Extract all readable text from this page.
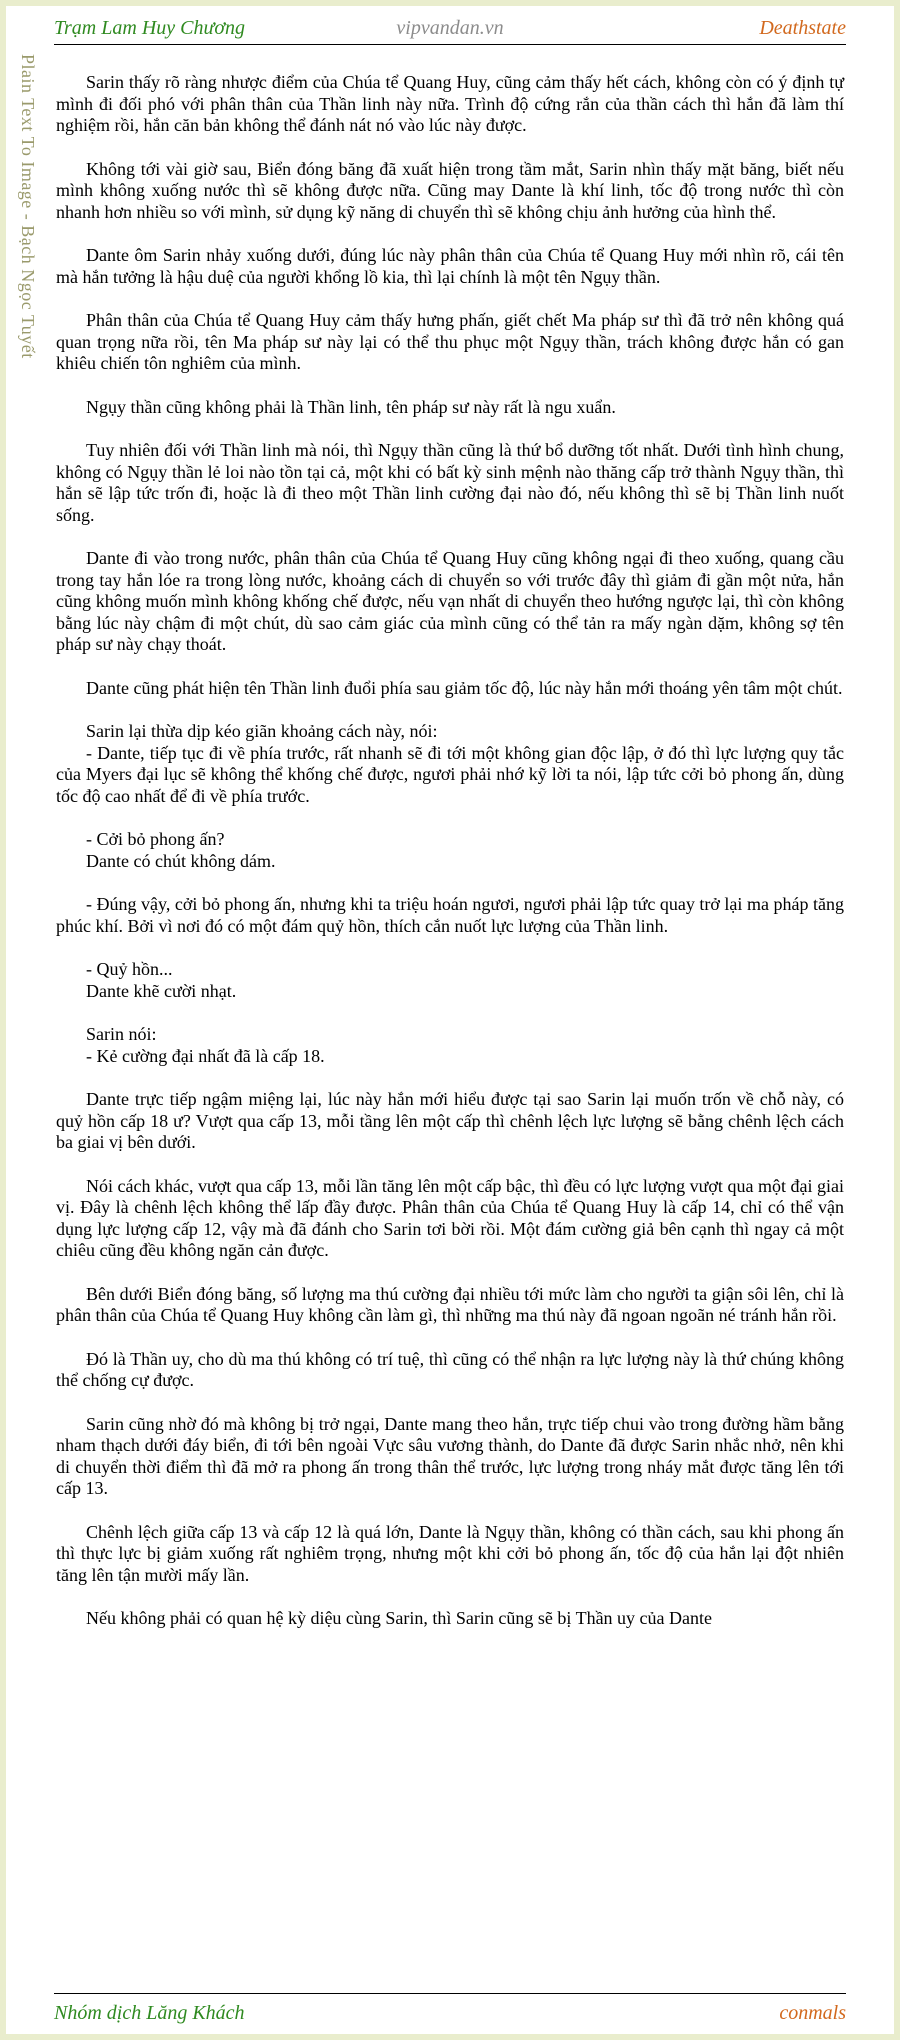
Trạm Lam Huy Chương	vipvandan.vn	Deathstate
Plain Text To Image - Bạch Ngọc Tuyết	Sarin thấy rõ ràng nhược điểm của Chúa tể Quang Huy, cũng cảm thấy hết cách, không còn có ý định tự mình đi đối phó với phân thân của Thần linh này nữa. Trình độ cứng rắn của thần cách thì hắn đã làm thí nghiệm rồi, hắn căn bản không thể đánh nát nó vào lúc này được.

Không tới vài giờ sau, Biển đóng băng đã xuất hiện trong tầm mắt, Sarin nhìn thấy mặt băng, biết nếu mình không xuống nước thì sẽ không được nữa. Cũng may Dante là khí linh, tốc độ trong nước thì còn nhanh hơn nhiều so với mình, sử dụng kỹ năng di chuyển thì sẽ không chịu ảnh hưởng của hình thể.

Dante ôm Sarin nhảy xuống dưới, đúng lúc này phân thân của Chúa tể Quang Huy mới nhìn rõ, cái tên mà hắn tưởng là hậu duệ của người khổng lồ kia, thì lại chính là một tên Ngụy thần.

Phân thân của Chúa tể Quang Huy cảm thấy hưng phấn, giết chết Ma pháp sư thì đã trở nên không quá quan trọng nữa rồi, tên Ma pháp sư này lại có thể thu phục một Ngụy thần, trách không được hắn có gan khiêu chiến tôn nghiêm của mình.

Ngụy thần cũng không phải là Thần linh, tên pháp sư này rất là ngu xuẩn.

Tuy nhiên đối với Thần linh mà nói, thì Ngụy thần cũng là thứ bổ dưỡng tốt nhất. Dưới tình hình chung, không có Ngụy thần lẻ loi nào tồn tại cả, một khi có bất kỳ sinh mệnh nào thăng cấp trở thành Ngụy thần, thì hắn sẽ lập tức trốn đi, hoặc là đi theo một Thần linh cường đại nào đó, nếu không thì sẽ bị Thần linh nuốt sống.

Dante đi vào trong nước, phân thân của Chúa tể Quang Huy cũng không ngại đi theo xuống, quang cầu trong tay hắn lóe ra trong lòng nước, khoảng cách di chuyển so với trước đây thì giảm đi gần một nửa, hắn cũng không muốn mình không khống chế được, nếu vạn nhất di chuyển theo hướng ngược lại, thì còn không bằng lúc này chậm đi một chút, dù sao cảm giác của mình cũng có thể tản ra mấy ngàn dặm, không sợ tên pháp sư này chạy thoát.

Dante cũng phát hiện tên Thần linh đuổi phía sau giảm tốc độ, lúc này hắn mới thoáng yên tâm một chút.

Sarin lại thừa dịp kéo giãn khoảng cách này, nói:
- Dante, tiếp tục đi về phía trước, rất nhanh sẽ đi tới một không gian độc lập, ở đó thì lực lượng quy tắc của Myers đại lục sẽ không thể khống chế được, ngươi phải nhớ kỹ lời ta nói, lập tức cởi bỏ phong ấn, dùng tốc độ cao nhất để đi về phía trước.

- Cởi bỏ phong ấn?
Dante có chút không dám.

- Đúng vậy, cởi bỏ phong ấn, nhưng khi ta triệu hoán ngươi, ngươi phải lập tức quay trở lại ma pháp tăng phúc khí. Bởi vì nơi đó có một đám quỷ hồn, thích cắn nuốt lực lượng của Thần linh.

- Quỷ hồn...
Dante khẽ cười nhạt.

Sarin nói:
- Kẻ cường đại nhất đã là cấp 18.

Dante trực tiếp ngậm miệng lại, lúc này hắn mới hiểu được tại sao Sarin lại muốn trốn về chỗ này, có quỷ hồn cấp 18 ư? Vượt qua cấp 13, mỗi tầng lên một cấp thì chênh lệch lực lượng sẽ bằng chênh lệch cách ba giai vị bên dưới.

Nói cách khác, vượt qua cấp 13, mỗi lần tăng lên một cấp bậc, thì đều có lực lượng vượt qua một đại giai vị. Đây là chênh lệch không thể lấp đầy được. Phân thân của Chúa tể Quang Huy là cấp 14, chỉ có thể vận dụng lực lượng cấp 12, vậy mà đã đánh cho Sarin tơi bời rồi. Một đám cường giả bên cạnh thì ngay cả một chiêu cũng đều không ngăn cản được.

Bên dưới Biển đóng băng, số lượng ma thú cường đại nhiều tới mức làm cho người ta giận sôi lên, chỉ là phân thân của Chúa tể Quang Huy không cần làm gì, thì những ma thú này đã ngoan ngoãn né tránh hắn rồi.

Đó là Thần uy, cho dù ma thú không có trí tuệ, thì cũng có thể nhận ra lực lượng này là thứ chúng không thể chống cự được.

Sarin cũng nhờ đó mà không bị trở ngại, Dante mang theo hắn, trực tiếp chui vào trong đường hầm bằng nham thạch dưới đáy biển, đi tới bên ngoài Vực sâu vương thành, do Dante đã được Sarin nhắc nhở, nên khi di chuyển thời điểm thì đã mở ra phong ấn trong thân thể trước, lực lượng trong nháy mắt được tăng lên tới cấp 13.

Chênh lệch giữa cấp 13 và cấp 12 là quá lớn, Dante là Ngụy thần, không có thần cách, sau khi phong ấn thì thực lực bị giảm xuống rất nghiêm trọng, nhưng một khi cởi bỏ phong ấn, tốc độ của hắn lại đột nhiên tăng lên tận mười mấy lần.

Nếu không phải có quan hệ kỳ diệu cùng Sarin, thì Sarin cũng sẽ bị Thần uy của Dante

Nhóm dịch Lăng Khách	conmals
